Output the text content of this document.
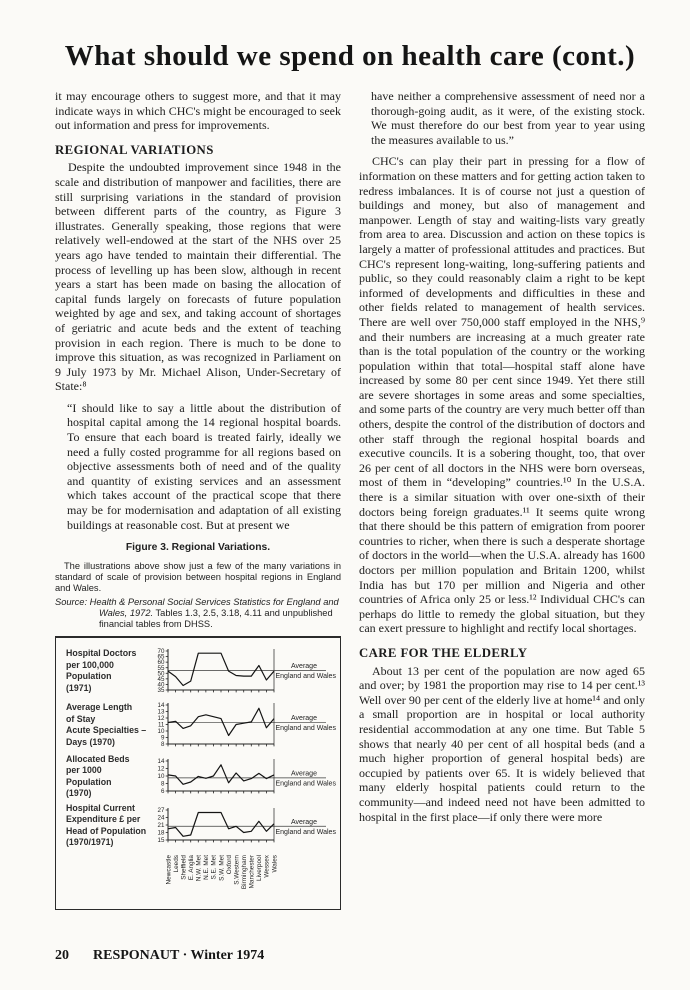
What should we spend on health care (cont.)

it may encourage others to suggest more, and that it may indicate ways in which CHC's might be encouraged to seek out information and press for improvements.

REGIONAL VARIATIONS

Despite the undoubted improvement since 1948 in the scale and distribution of manpower and facilities, there are still surprising variations in the standard of provision between different parts of the country, as Figure 3 illustrates. Generally speaking, those regions that were relatively well-endowed at the start of the NHS over 25 years ago have tended to maintain their differential. The process of levelling up has been slow, although in recent years a start has been made on basing the allocation of capital funds largely on forecasts of future population weighted by age and sex, and taking account of shortages of geriatric and acute beds and the extent of teaching provision in each region. There is much to be done to improve this situation, as was recognized in Parliament on 9 July 1973 by Mr. Michael Alison, Under-Secretary of State:⁸

“I should like to say a little about the distribution of hospital capital among the 14 regional hospital boards. To ensure that each board is treated fairly, ideally we need a fully costed programme for all regions based on objective assessments both of need and of the quality and quantity of existing services and an assessment which takes account of the practical scope that there may be for modernisation and adaptation of all existing buildings at reasonable cost. But at present we

Figure 3. Regional Variations.
The illustrations above show just a few of the many variations in standard of scale of provision between hospital regions in England and Wales.
Source: Health & Personal Social Services Statistics for England and Wales, 1972. Tables 1.3, 2.5, 3.18, 4.11 and unpublished financial tables from DHSS.
Hospital Doctors
per 100,000
Population
(1971)
70
65
60
55
50
45
40
35
Average
England and Wales
Average Length
of Stay
Acute Specialties –
Days (1970)
14
13
12
11
10
9
8
Average
England and Wales
Allocated Beds
per 1000 Population
(1970)
14
12
10
8
6
Average
England and Wales
Hospital Current
Expenditure £ per
Head of Population
(1970/1971)
27
24
21
18
15
Average
England and Wales
Newcastle Leeds Sheffield E. Anglia N.W. Met N.E. Met S.E. Met S.W. Met Oxford S.Western Birmingham Manchester Liverpool Wessex Wales

have neither a comprehensive assessment of need nor a thorough-going audit, as it were, of the existing stock. We must therefore do our best from year to year using the measures available to us.”

CHC's can play their part in pressing for a flow of information on these matters and for getting action taken to redress imbalances. It is of course not just a question of buildings and money, but also of management and manpower. Length of stay and waiting-lists vary greatly from area to area. Discussion and action on these topics is largely a matter of professional attitudes and practices. But CHC's represent long-waiting, long-suffering patients and public, so they could reasonably claim a right to be kept informed of developments and difficulties in these and other fields related to management of health services. There are well over 750,000 staff employed in the NHS,⁹ and their numbers are increasing at a much greater rate than is the total population of the country or the working population within that total—hospital staff alone have increased by some 80 per cent since 1949. Yet there still are severe shortages in some areas and some specialties, and some parts of the country are very much better off than others, despite the control of the distribution of doctors and other staff through the regional hospital boards and executive councils. It is a sobering thought, too, that over 26 per cent of all doctors in the NHS were born overseas, most of them in “developing” countries.¹⁰ In the U.S.A. there is a similar situation with over one-sixth of their doctors being foreign graduates.¹¹ It seems quite wrong that there should be this pattern of emigration from poorer countries to richer, when there is such a desperate shortage of doctors in the world—when the U.S.A. already has 1600 doctors per million population and Britain 1200, whilst India has but 170 per million and Nigeria and other countries of Africa only 25 or less.¹² Individual CHC's can perhaps do little to remedy the global situation, but they can exert pressure to highlight and rectify local shortages.

CARE FOR THE ELDERLY

About 13 per cent of the population are now aged 65 and over; by 1981 the proportion may rise to 14 per cent.¹³ Well over 90 per cent of the elderly live at home¹⁴ and only a small proportion are in hospital or local authority residential accommodation at any one time. But Table 5 shows that nearly 40 per cent of all hospital beds (and a much higher proportion of general hospital beds) are occupied by patients over 65. It is widely believed that many elderly hospital patients could return to the community—and indeed need not have been admitted to hospital in the first place—if only there were more

20 RESPONAUT · Winter 1974
